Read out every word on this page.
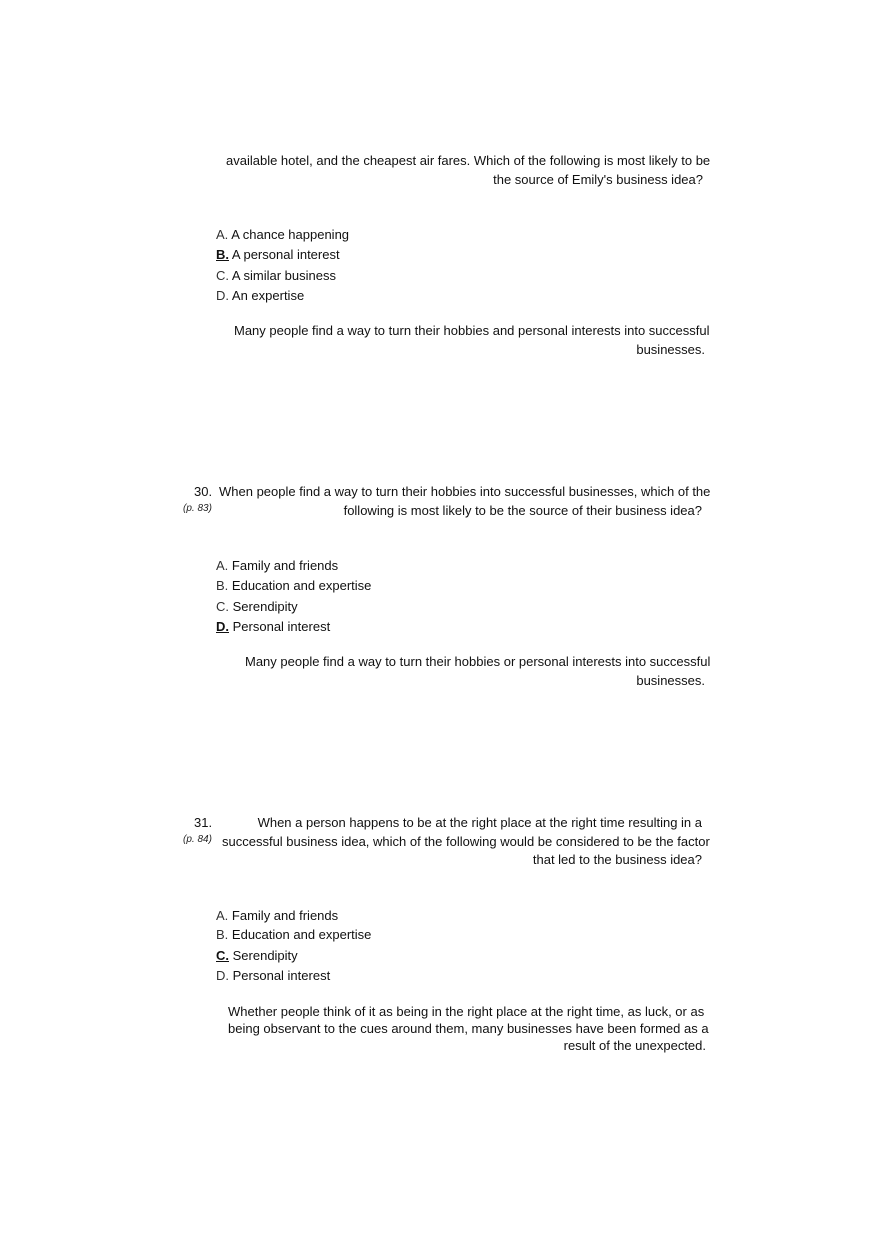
available hotel, and the cheapest air fares. Which of the following is most likely to be
the source of Emily's business idea?
A. A chance happening
B. A personal interest
C. A similar business
D. An expertise
Many people find a way to turn their hobbies and personal interests into successful
businesses.
30.
(p. 83)
When people find a way to turn their hobbies into successful businesses, which of the
following is most likely to be the source of their business idea?
A. Family and friends
B. Education and expertise
C. Serendipity
D. Personal interest
Many people find a way to turn their hobbies or personal interests into successful
businesses.
31.
(p. 84)
When a person happens to be at the right place at the right time resulting in a
successful business idea, which of the following would be considered to be the factor
that led to the business idea?
A. Family and friends
B. Education and expertise
C. Serendipity
D. Personal interest
Whether people think of it as being in the right place at the right time, as luck, or as
being observant to the cues around them, many businesses have been formed as a
result of the unexpected.
